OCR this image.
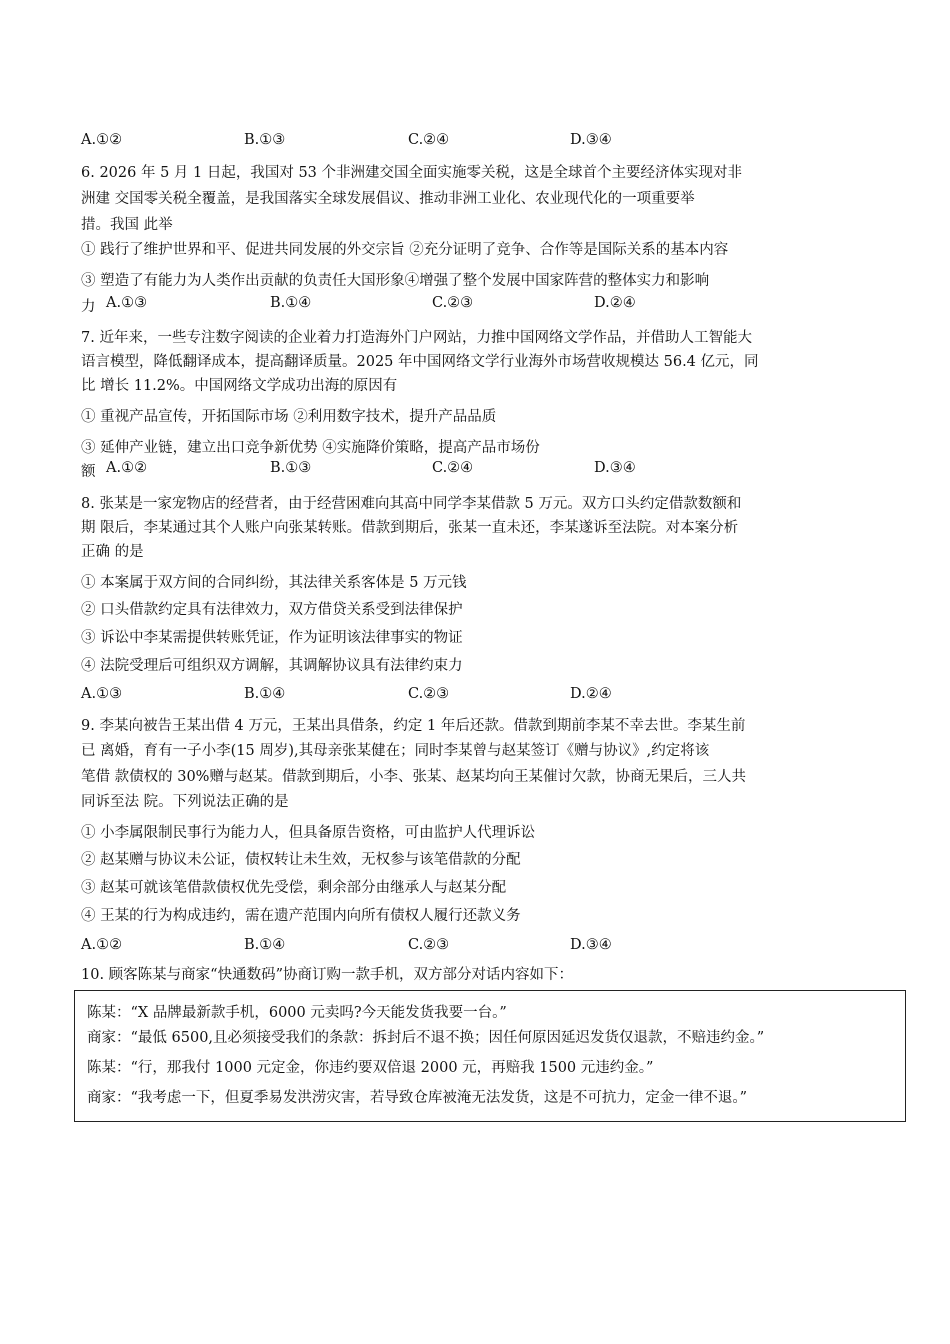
A.①②	B.①③	C.②④	D.③④
6. 2026 年 5 月 1 日起，我国对 53 个非洲建交国全面实施零关税，这是全球首个主要经济体实现对非
洲建 交国零关税全覆盖，是我国落实全球发展倡议、推动非洲工业化、农业现代化的一项重要举
措。我国 此举
① 践行了维护世界和平、促进共同发展的外交宗旨 ②充分证明了竞争、合作等是国际关系的基本内容
③ 塑造了有能力为人类作出贡献的负责任大国形象④增强了整个发展中国家阵营的整体实力和影响
力 A.①③	B.①④	C.②③	D.②④
7. 近年来，一些专注数字阅读的企业着力打造海外门户网站，力推中国网络文学作品，并借助人工智能大
语言模型，降低翻译成本，提高翻译质量。2025 年中国网络文学行业海外市场营收规模达 56.4 亿元，同
比 增长 11.2%。中国网络文学成功出海的原因有
① 重视产品宣传，开拓国际市场 ②利用数字技术，提升产品品质
③ 延伸产业链，建立出口竞争新优势 ④实施降价策略，提高产品市场份
额 A.①②	B.①③	C.②④	D.③④
8. 张某是一家宠物店的经营者，由于经营困难向其高中同学李某借款 5 万元。双方口头约定借款数额和
期 限后，李某通过其个人账户向张某转账。借款到期后，张某一直未还，李某遂诉至法院。对本案分析
正确 的是
① 本案属于双方间的合同纠纷，其法律关系客体是 5 万元钱
② 口头借款约定具有法律效力，双方借贷关系受到法律保护
③ 诉讼中李某需提供转账凭证，作为证明该法律事实的物证
④ 法院受理后可组织双方调解，其调解协议具有法律约束力
A.①③	B.①④	C.②③	D.②④
9. 李某向被告王某出借 4 万元，王某出具借条，约定 1 年后还款。借款到期前李某不幸去世。李某生前
已 离婚，育有一子小李(15 周岁),其母亲张某健在；同时李某曾与赵某签订《赠与协议》,约定将该
笔借 款债权的 30%赠与赵某。借款到期后，小李、张某、赵某均向王某催讨欠款，协商无果后，三人共
同诉至法 院。下列说法正确的是
① 小李属限制民事行为能力人，但具备原告资格，可由监护人代理诉讼
② 赵某赠与协议未公证，债权转让未生效，无权参与该笔借款的分配
③ 赵某可就该笔借款债权优先受偿，剩余部分由继承人与赵某分配
④ 王某的行为构成违约，需在遗产范围内向所有债权人履行还款义务
A.①②	B.①④	C.②③	D.③④
10. 顾客陈某与商家“快通数码”协商订购一款手机，双方部分对话内容如下：
陈某：“X 品牌最新款手机，6000 元卖吗?今天能发货我要一台。”
商家：“最低 6500,且必须接受我们的条款：拆封后不退不换；因任何原因延迟发货仅退款，不赔违约金。”
陈某：“行，那我付 1000 元定金，你违约要双倍退 2000 元，再赔我 1500 元违约金。”
商家：“我考虑一下，但夏季易发洪涝灾害，若导致仓库被淹无法发货，这是不可抗力，定金一律不退。”
